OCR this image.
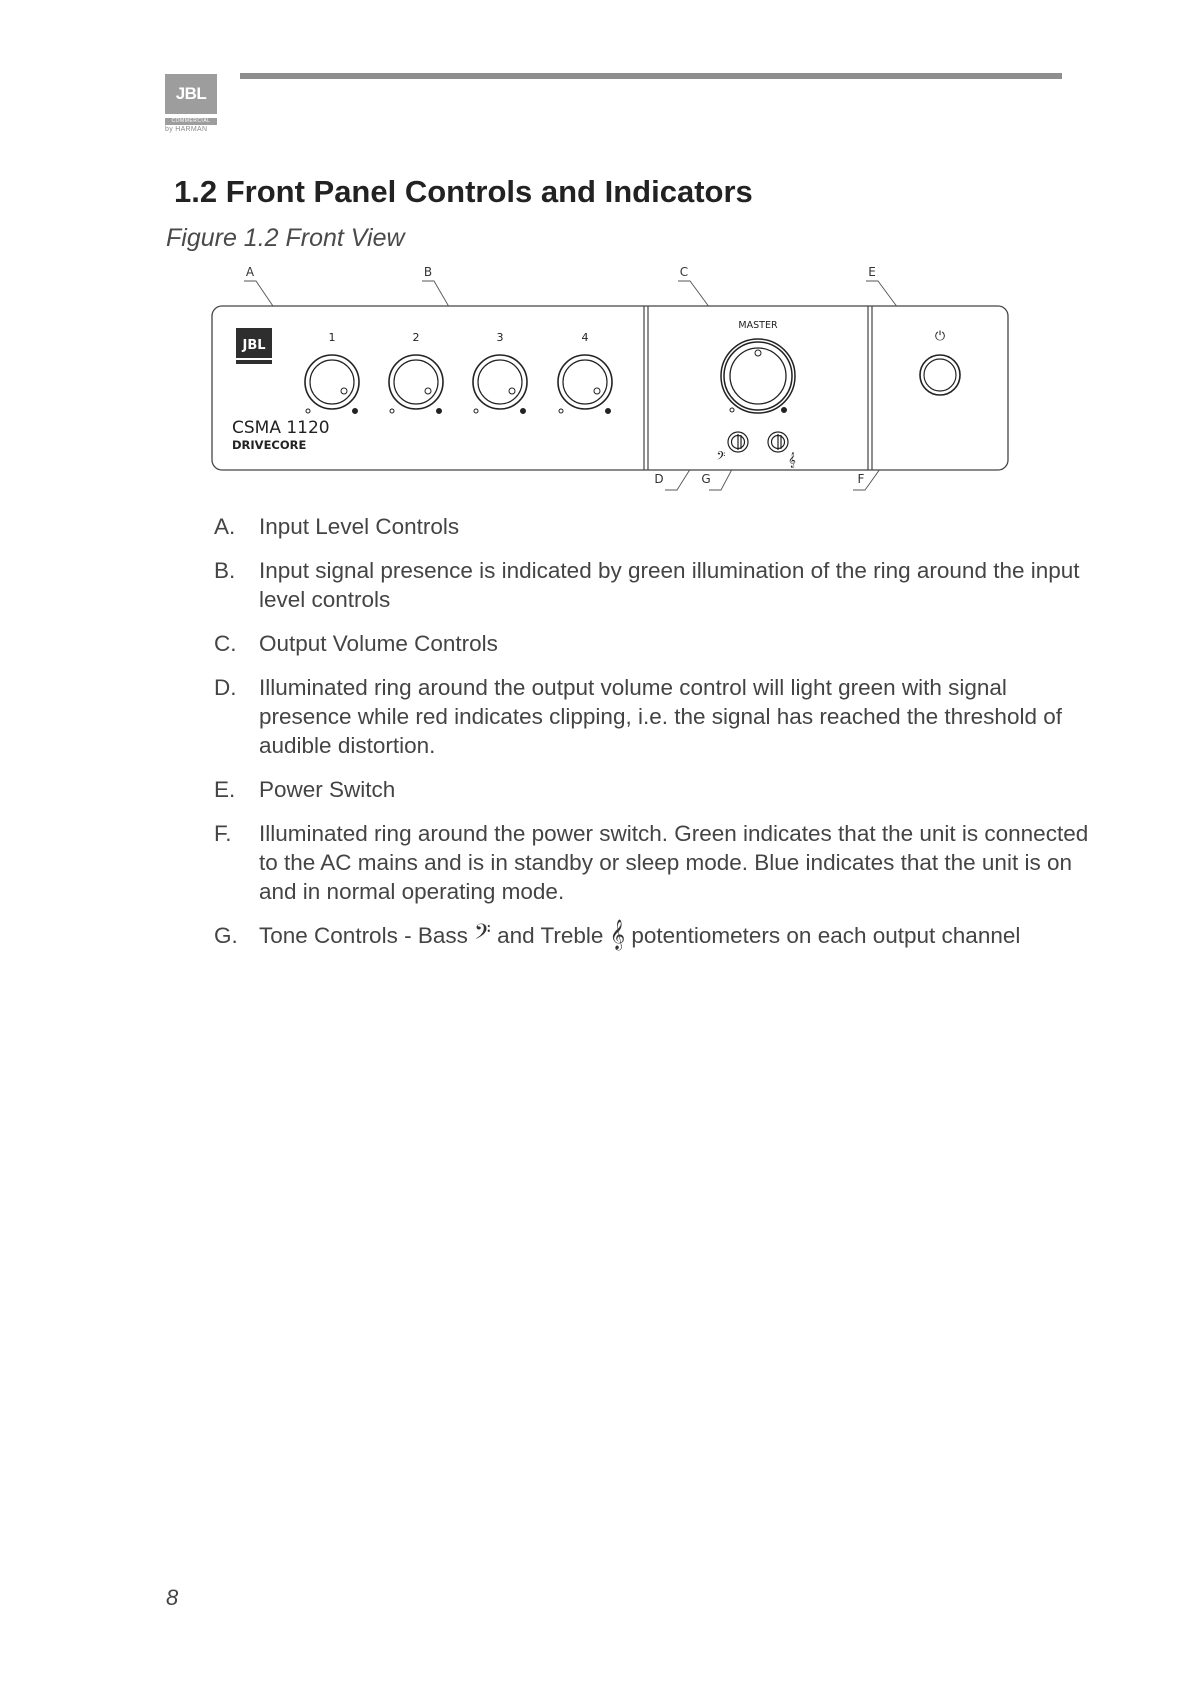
JBL
COMMERCIAL
by HARMAN
1.2 Front Panel Controls and Indicators
Figure 1.2 Front View
A	B	C	E
D	G	F
JBL
CSMA 1120
DRIVECORE
1	2	3	4
MASTER
𝄢	𝄞
⏻
A.	Input Level Controls
B.	Input signal presence is indicated by green illumination of the ring around the input level controls
C.	Output Volume Controls
D.	Illuminated ring around the output volume control will light green with signal presence while red indicates clipping, i.e. the signal has reached the threshold of audible distortion.
E.	Power Switch
F.	Illuminated ring around the power switch. Green indicates that the unit is connected to the AC mains and is in standby or sleep mode. Blue indicates that the unit is on and in normal operating mode.
G. Tone Controls - Bass 𝄢 and Treble 𝄞 potentiometers on each output channel
8
